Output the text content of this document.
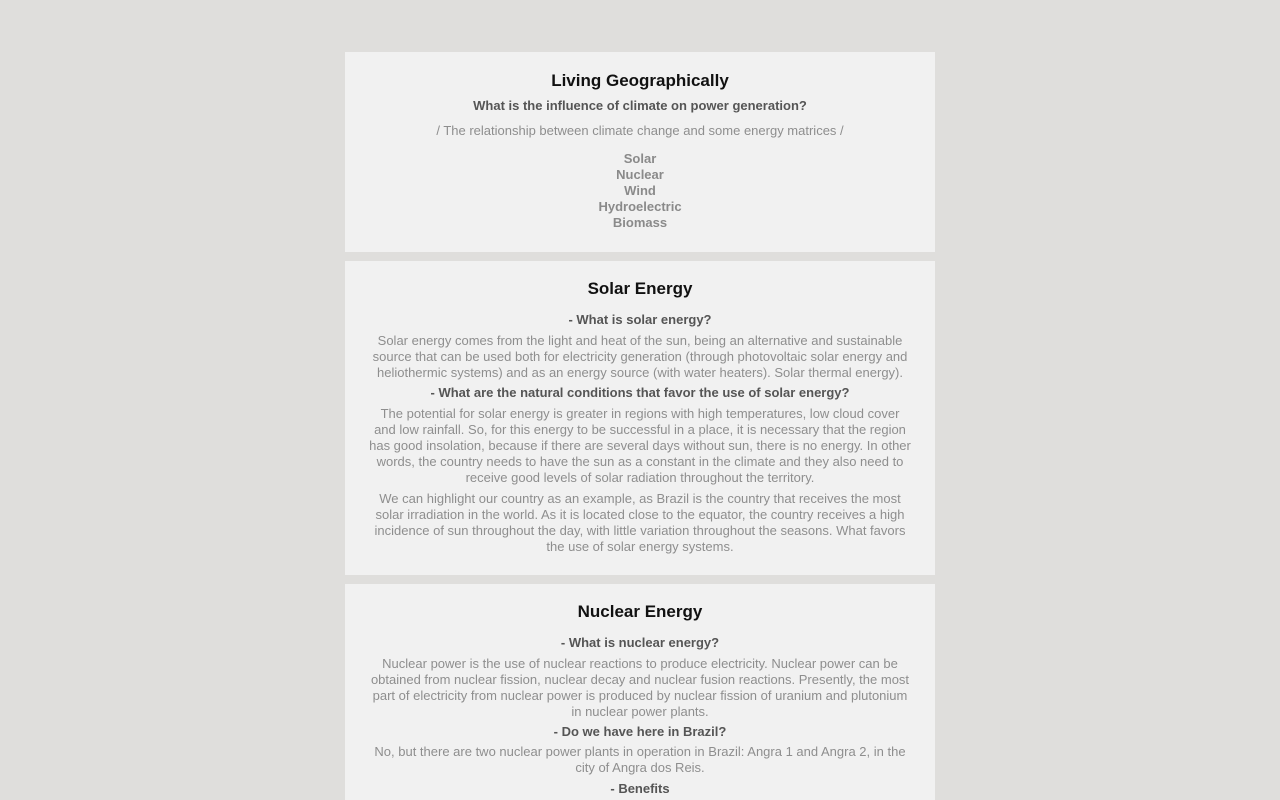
Living Geographically

What is the influence of climate on power generation?

/ The relationship between climate change and some energy matrices /

Solar
Nuclear
Wind
Hydroelectric
Biomass
Solar Energy

- What is solar energy?

Solar energy comes from the light and heat of the sun, being an alternative and sustainable source that can be used both for electricity generation (through photovoltaic solar energy and heliothermic systems) and as an energy source (with water heaters). Solar thermal energy).

- What are the natural conditions that favor the use of solar energy?

The potential for solar energy is greater in regions with high temperatures, low cloud cover and low rainfall. So, for this energy to be successful in a place, it is necessary that the region has good insolation, because if there are several days without sun, there is no energy. In other words, the country needs to have the sun as a constant in the climate and they also need to receive good levels of solar radiation throughout the territory.

We can highlight our country as an example, as Brazil is the country that receives the most solar irradiation in the world. As it is located close to the equator, the country receives a high incidence of sun throughout the day, with little variation throughout the seasons. What favors the use of solar energy systems.

Nuclear Energy

- What is nuclear energy?

Nuclear power is the use of nuclear reactions to produce electricity. Nuclear power can be obtained from nuclear fission, nuclear decay and nuclear fusion reactions. Presently, the most part of electricity from nuclear power is produced by nuclear fission of uranium and plutonium in nuclear power plants.

- Do we have here in Brazil?

No, but there are two nuclear power plants in operation in Brazil: Angra 1 and Angra 2, in the city of Angra dos Reis.

- Benefits
